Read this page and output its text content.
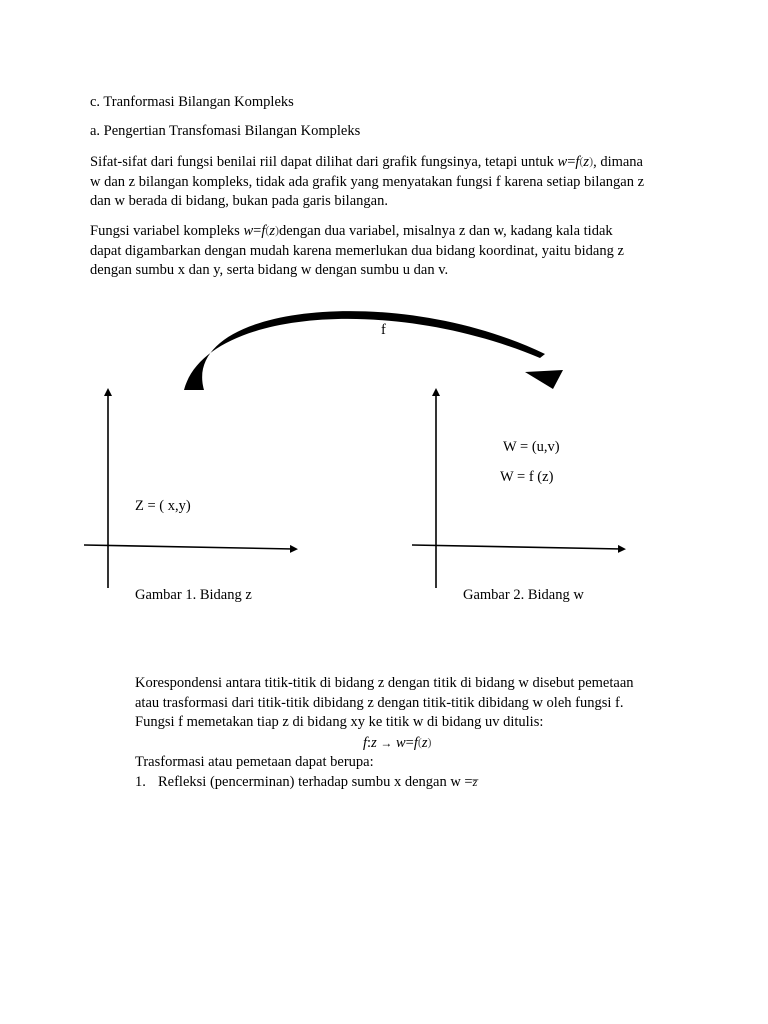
c. Tranformasi Bilangan Kompleks
a. Pengertian Transfomasi Bilangan Kompleks
Sifat-sifat dari fungsi benilai riil dapat dilihat dari grafik fungsinya, tetapi untuk w=f(z), dimana
w dan z bilangan kompleks, tidak ada grafik yang menyatakan fungsi f karena setiap bilangan z
dan w berada di bidang, bukan pada garis bilangan.
Fungsi variabel kompleks w=f(z)dengan dua variabel, misalnya z dan w, kadang kala tidak
dapat digambarkan dengan mudah karena memerlukan dua bidang koordinat, yaitu bidang z
dengan sumbu x dan y, serta bidang w dengan sumbu u dan v.
f
W = (u,v)
W = f (z)
Z = ( x,y)
Gambar 1. Bidang z	Gambar 2. Bidang w
Korespondensi antara titik-titik di bidang z dengan titik di bidang w disebut pemetaan
atau trasformasi dari titik-titik dibidang z dengan titik-titik dibidang w oleh fungsi f.
Fungsi f memetakan tiap z di bidang xy ke titik w di bidang uv ditulis:
f:z → w=f(z)
Trasformasi atau pemetaan dapat berupa:
1. Refleksi (pencerminan) terhadap sumbu x dengan w =z̅
